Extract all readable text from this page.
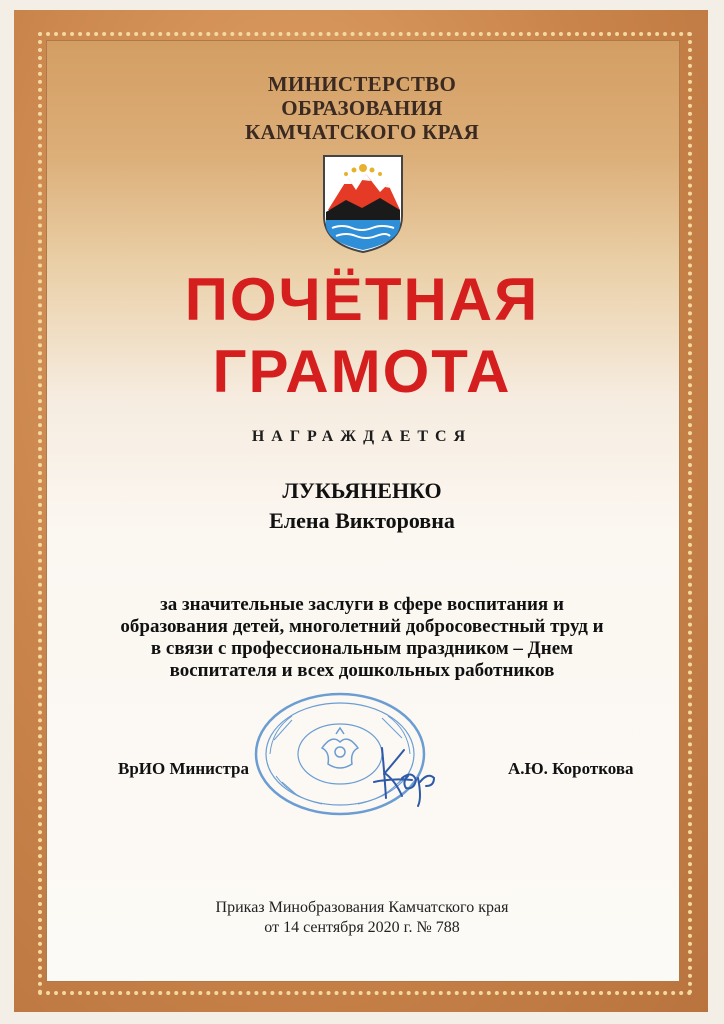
МИНИСТЕРСТВО
ОБРАЗОВАНИЯ
КАМЧАТСКОГО КРАЯ
ПОЧЁТНАЯ
ГРАМОТА
НАГРАЖДАЕТСЯ
ЛУКЬЯНЕНКО
Елена Викторовна
за значительные заслуги в сфере воспитания и образования детей, многолетний добросовестный труд и в связи с профессиональным праздником – Днем воспитателя и всех дошкольных работников
ВрИО Министра	А.Ю. Короткова
Приказ Минобразования Камчатского края
от 14 сентября 2020 г. № 788
